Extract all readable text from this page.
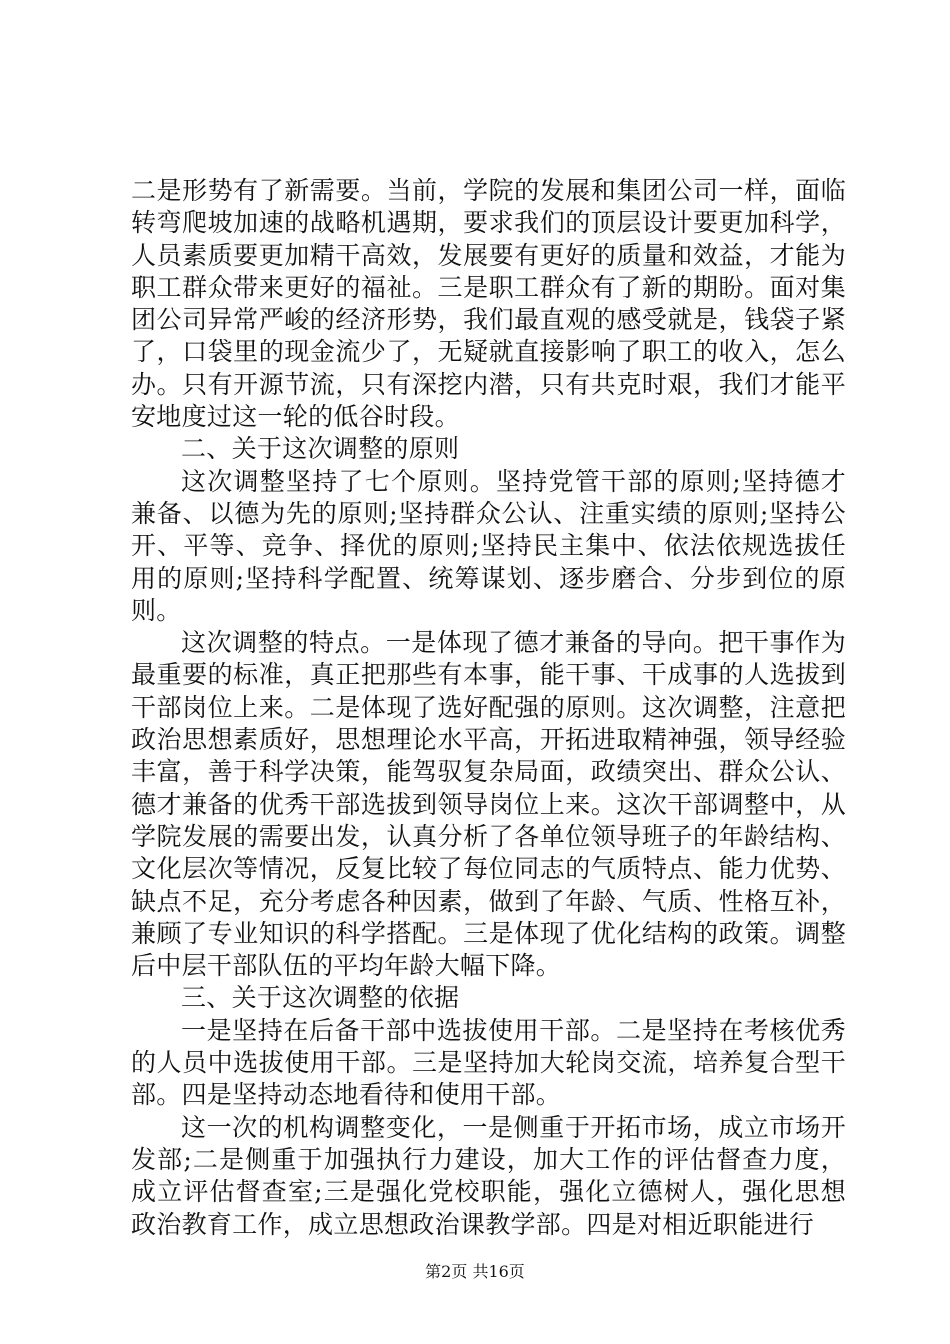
二是形势有了新需要。当前，学院的发展和集团公司一样，面临转弯爬坡加速的战略机遇期，要求我们的顶层设计要更加科学，人员素质要更加精干高效，发展要有更好的质量和效益，才能为职工群众带来更好的福祉。三是职工群众有了新的期盼。面对集团公司异常严峻的经济形势，我们最直观的感受就是，钱袋子紧了，口袋里的现金流少了，无疑就直接影响了职工的收入，怎么办。只有开源节流，只有深挖内潜，只有共克时艰，我们才能平安地度过这一轮的低谷时段。

二、关于这次调整的原则

这次调整坚持了七个原则。坚持党管干部的原则;坚持德才兼备、以德为先的原则;坚持群众公认、注重实绩的原则;坚持公开、平等、竞争、择优的原则;坚持民主集中、依法依规选拔任用的原则;坚持科学配置、统筹谋划、逐步磨合、分步到位的原则。

这次调整的特点。一是体现了德才兼备的导向。把干事作为最重要的标准，真正把那些有本事，能干事、干成事的人选拔到干部岗位上来。二是体现了选好配强的原则。这次调整，注意把政治思想素质好，思想理论水平高，开拓进取精神强，领导经验丰富，善于科学决策，能驾驭复杂局面，政绩突出、群众公认、德才兼备的优秀干部选拔到领导岗位上来。这次干部调整中，从学院发展的需要出发，认真分析了各单位领导班子的年龄结构、文化层次等情况，反复比较了每位同志的气质特点、能力优势、缺点不足，充分考虑各种因素，做到了年龄、气质、性格互补，兼顾了专业知识的科学搭配。三是体现了优化结构的政策。调整后中层干部队伍的平均年龄大幅下降。

三、关于这次调整的依据

一是坚持在后备干部中选拔使用干部。二是坚持在考核优秀的人员中选拔使用干部。三是坚持加大轮岗交流，培养复合型干部。四是坚持动态地看待和使用干部。

这一次的机构调整变化，一是侧重于开拓市场，成立市场开发部;二是侧重于加强执行力建设，加大工作的评估督查力度，成立评估督查室;三是强化党校职能，强化立德树人，强化思想政治教育工作，成立思想政治课教学部。四是对相近职能进行

第2页 共16页
